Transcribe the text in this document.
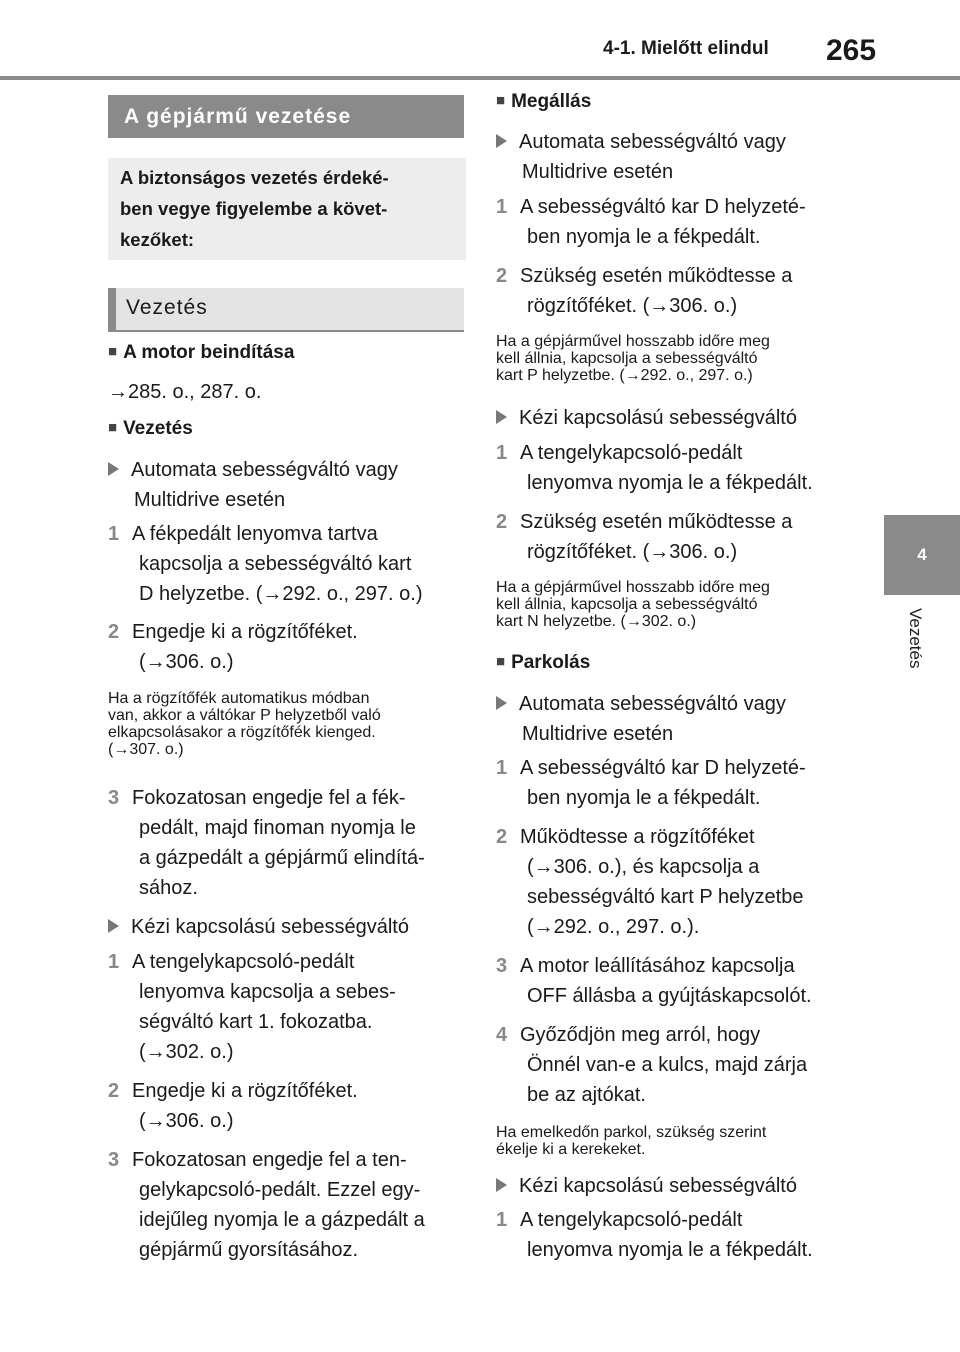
4-1. Mielőtt elindul 265
4
Vezetés
A gépjármű vezetése
A biztonságos vezetés érdeké-
ben vegye figyelembe a követ-
kezőket:
Vezetés
■ A motor beindítása
→285. o., 287. o.
■ Vezetés
Automata sebességváltó vagy
Multidrive esetén
1 A fékpedált lenyomva tartva
kapcsolja a sebességváltó kart
D helyzetbe. (→292. o., 297. o.)
2 Engedje ki a rögzítőféket.
(→306. o.)
Ha a rögzítőfék automatikus módban
van, akkor a váltókar P helyzetből való
elkapcsolásakor a rögzítőfék kienged.
(→307. o.)
3 Fokozatosan engedje fel a fék-
pedált, majd finoman nyomja le
a gázpedált a gépjármű elindítá-
sához.
Kézi kapcsolású sebességváltó
1 A tengelykapcsoló-pedált
lenyomva kapcsolja a sebes-
ségváltó kart 1. fokozatba.
(→302. o.)
2 Engedje ki a rögzítőféket.
(→306. o.)
3 Fokozatosan engedje fel a ten-
gelykapcsoló-pedált. Ezzel egy-
idejűleg nyomja le a gázpedált a
gépjármű gyorsításához.
■ Megállás
Automata sebességváltó vagy
Multidrive esetén
1 A sebességváltó kar D helyzeté-
ben nyomja le a fékpedált.
2 Szükség esetén működtesse a
rögzítőféket. (→306. o.)
Ha a gépjárművel hosszabb időre meg
kell állnia, kapcsolja a sebességváltó
kart P helyzetbe. (→292. o., 297. o.)
Kézi kapcsolású sebességváltó
1 A tengelykapcsoló-pedált
lenyomva nyomja le a fékpedált.
2 Szükség esetén működtesse a
rögzítőféket. (→306. o.)
Ha a gépjárművel hosszabb időre meg
kell állnia, kapcsolja a sebességváltó
kart N helyzetbe. (→302. o.)
■ Parkolás
Automata sebességváltó vagy
Multidrive esetén
1 A sebességváltó kar D helyzeté-
ben nyomja le a fékpedált.
2 Működtesse a rögzítőféket
(→306. o.), és kapcsolja a
sebességváltó kart P helyzetbe
(→292. o., 297. o.).
3 A motor leállításához kapcsolja
OFF állásba a gyújtáskapcsolót.
4 Győződjön meg arról, hogy
Önnél van-e a kulcs, majd zárja
be az ajtókat.
Ha emelkedőn parkol, szükség szerint
ékelje ki a kerekeket.
Kézi kapcsolású sebességváltó
1 A tengelykapcsoló-pedált
lenyomva nyomja le a fékpedált.
